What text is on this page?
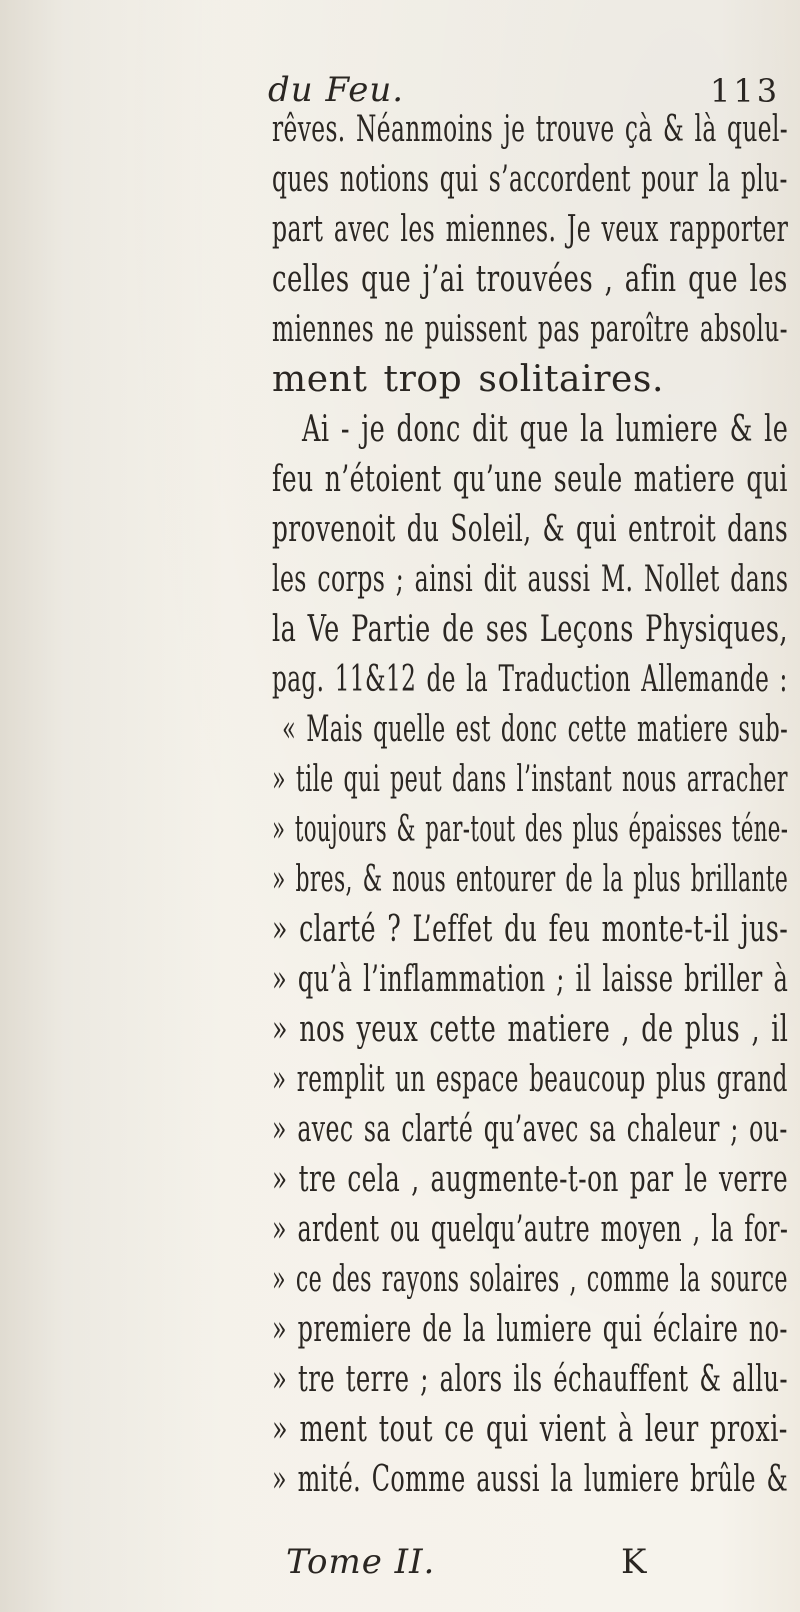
du Feu.	113
rêves. Néanmoins je trouve çà & là quel-
ques notions qui s’accordent pour la plu-
part avec les miennes. Je veux rapporter
celles que j’ai trouvées , afin que les
miennes ne puissent pas paroître absolu-
ment trop solitaires.
Ai - je donc dit que la lumiere & le
feu n’étoient qu’une seule matiere qui
provenoit du Soleil, & qui entroit dans
les corps ; ainsi dit aussi M. Nollet dans
la Ve Partie de ses Leçons Physiques,
pag. 11&12 de la Traduction Allemande :
« Mais quelle est donc cette matiere sub-
» tile qui peut dans l’instant nous arracher
» toujours & par-tout des plus épaisses téne-
» bres, & nous entourer de la plus brillante
» clarté ? L’effet du feu monte-t-il jus-
» qu’à l’inflammation ; il laisse briller à
» nos yeux cette matiere , de plus , il
» remplit un espace beaucoup plus grand
» avec sa clarté qu’avec sa chaleur ; ou-
» tre cela , augmente-t-on par le verre
» ardent ou quelqu’autre moyen , la for-
» ce des rayons solaires , comme la source
» premiere de la lumiere qui éclaire no-
» tre terre ; alors ils échauffent & allu-
» ment tout ce qui vient à leur proxi-
» mité. Comme aussi la lumiere brûle &
Tome II.	K
